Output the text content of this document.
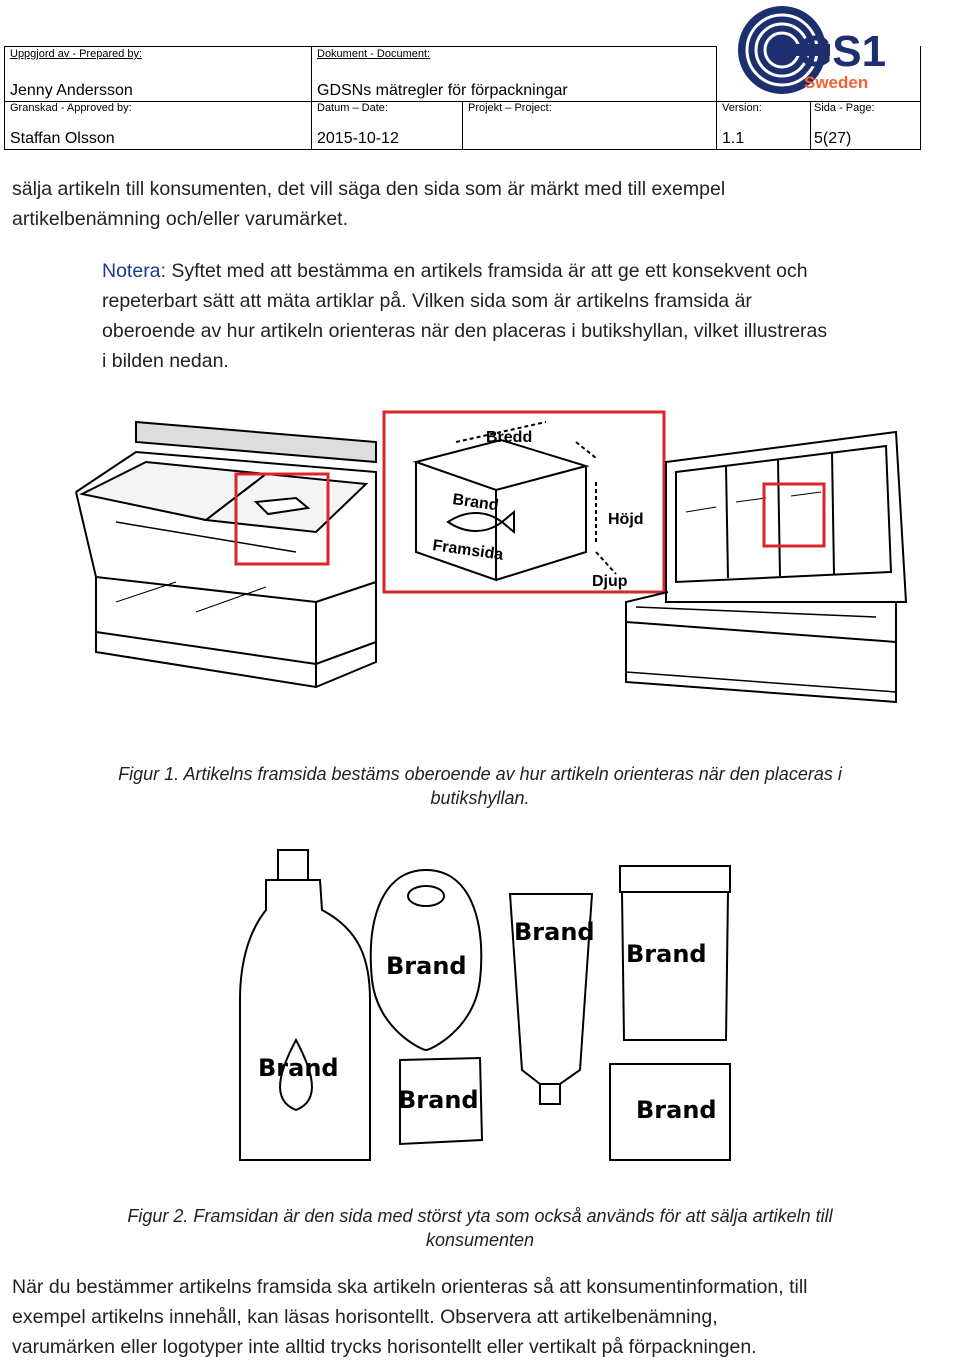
Uppgjord av - Prepared by:
Jenny Andersson
Dokument - Document:
GDSNs mätregler för förpackningar
Granskad - Approved by:
Staffan Olsson
Datum – Date:
2015-10-12
Projekt – Project:	Version:
1.1
Sida - Page:
5(27)
GS1
Sweden
sälja artikeln till konsumenten, det vill säga den sida som är märkt med till exempel
artikelbenämning och/eller varumärket.
Notera: Syftet med att bestämma en artikels framsida är att ge ett konsekvent och
repeterbart sätt att mäta artiklar på. Vilken sida som är artikelns framsida är
oberoende av hur artikeln orienteras när den placeras i butikshyllan, vilket illustreras
i bilden nedan.
Bredd
Höjd
Djup
Brand
Framsida
Figur 1. Artikelns framsida bestäms oberoende av hur artikeln orienteras när den placeras i
butikshyllan.
Brand
Brand
Brand
Brand
Brand
Brand
Figur 2. Framsidan är den sida med störst yta som också används för att sälja artikeln till
konsumenten
När du bestämmer artikelns framsida ska artikeln orienteras så att konsumentinformation, till
exempel artikelns innehåll, kan läsas horisontellt. Observera att artikelbenämning,
varumärken eller logotyper inte alltid trycks horisontellt eller vertikalt på förpackningen.
